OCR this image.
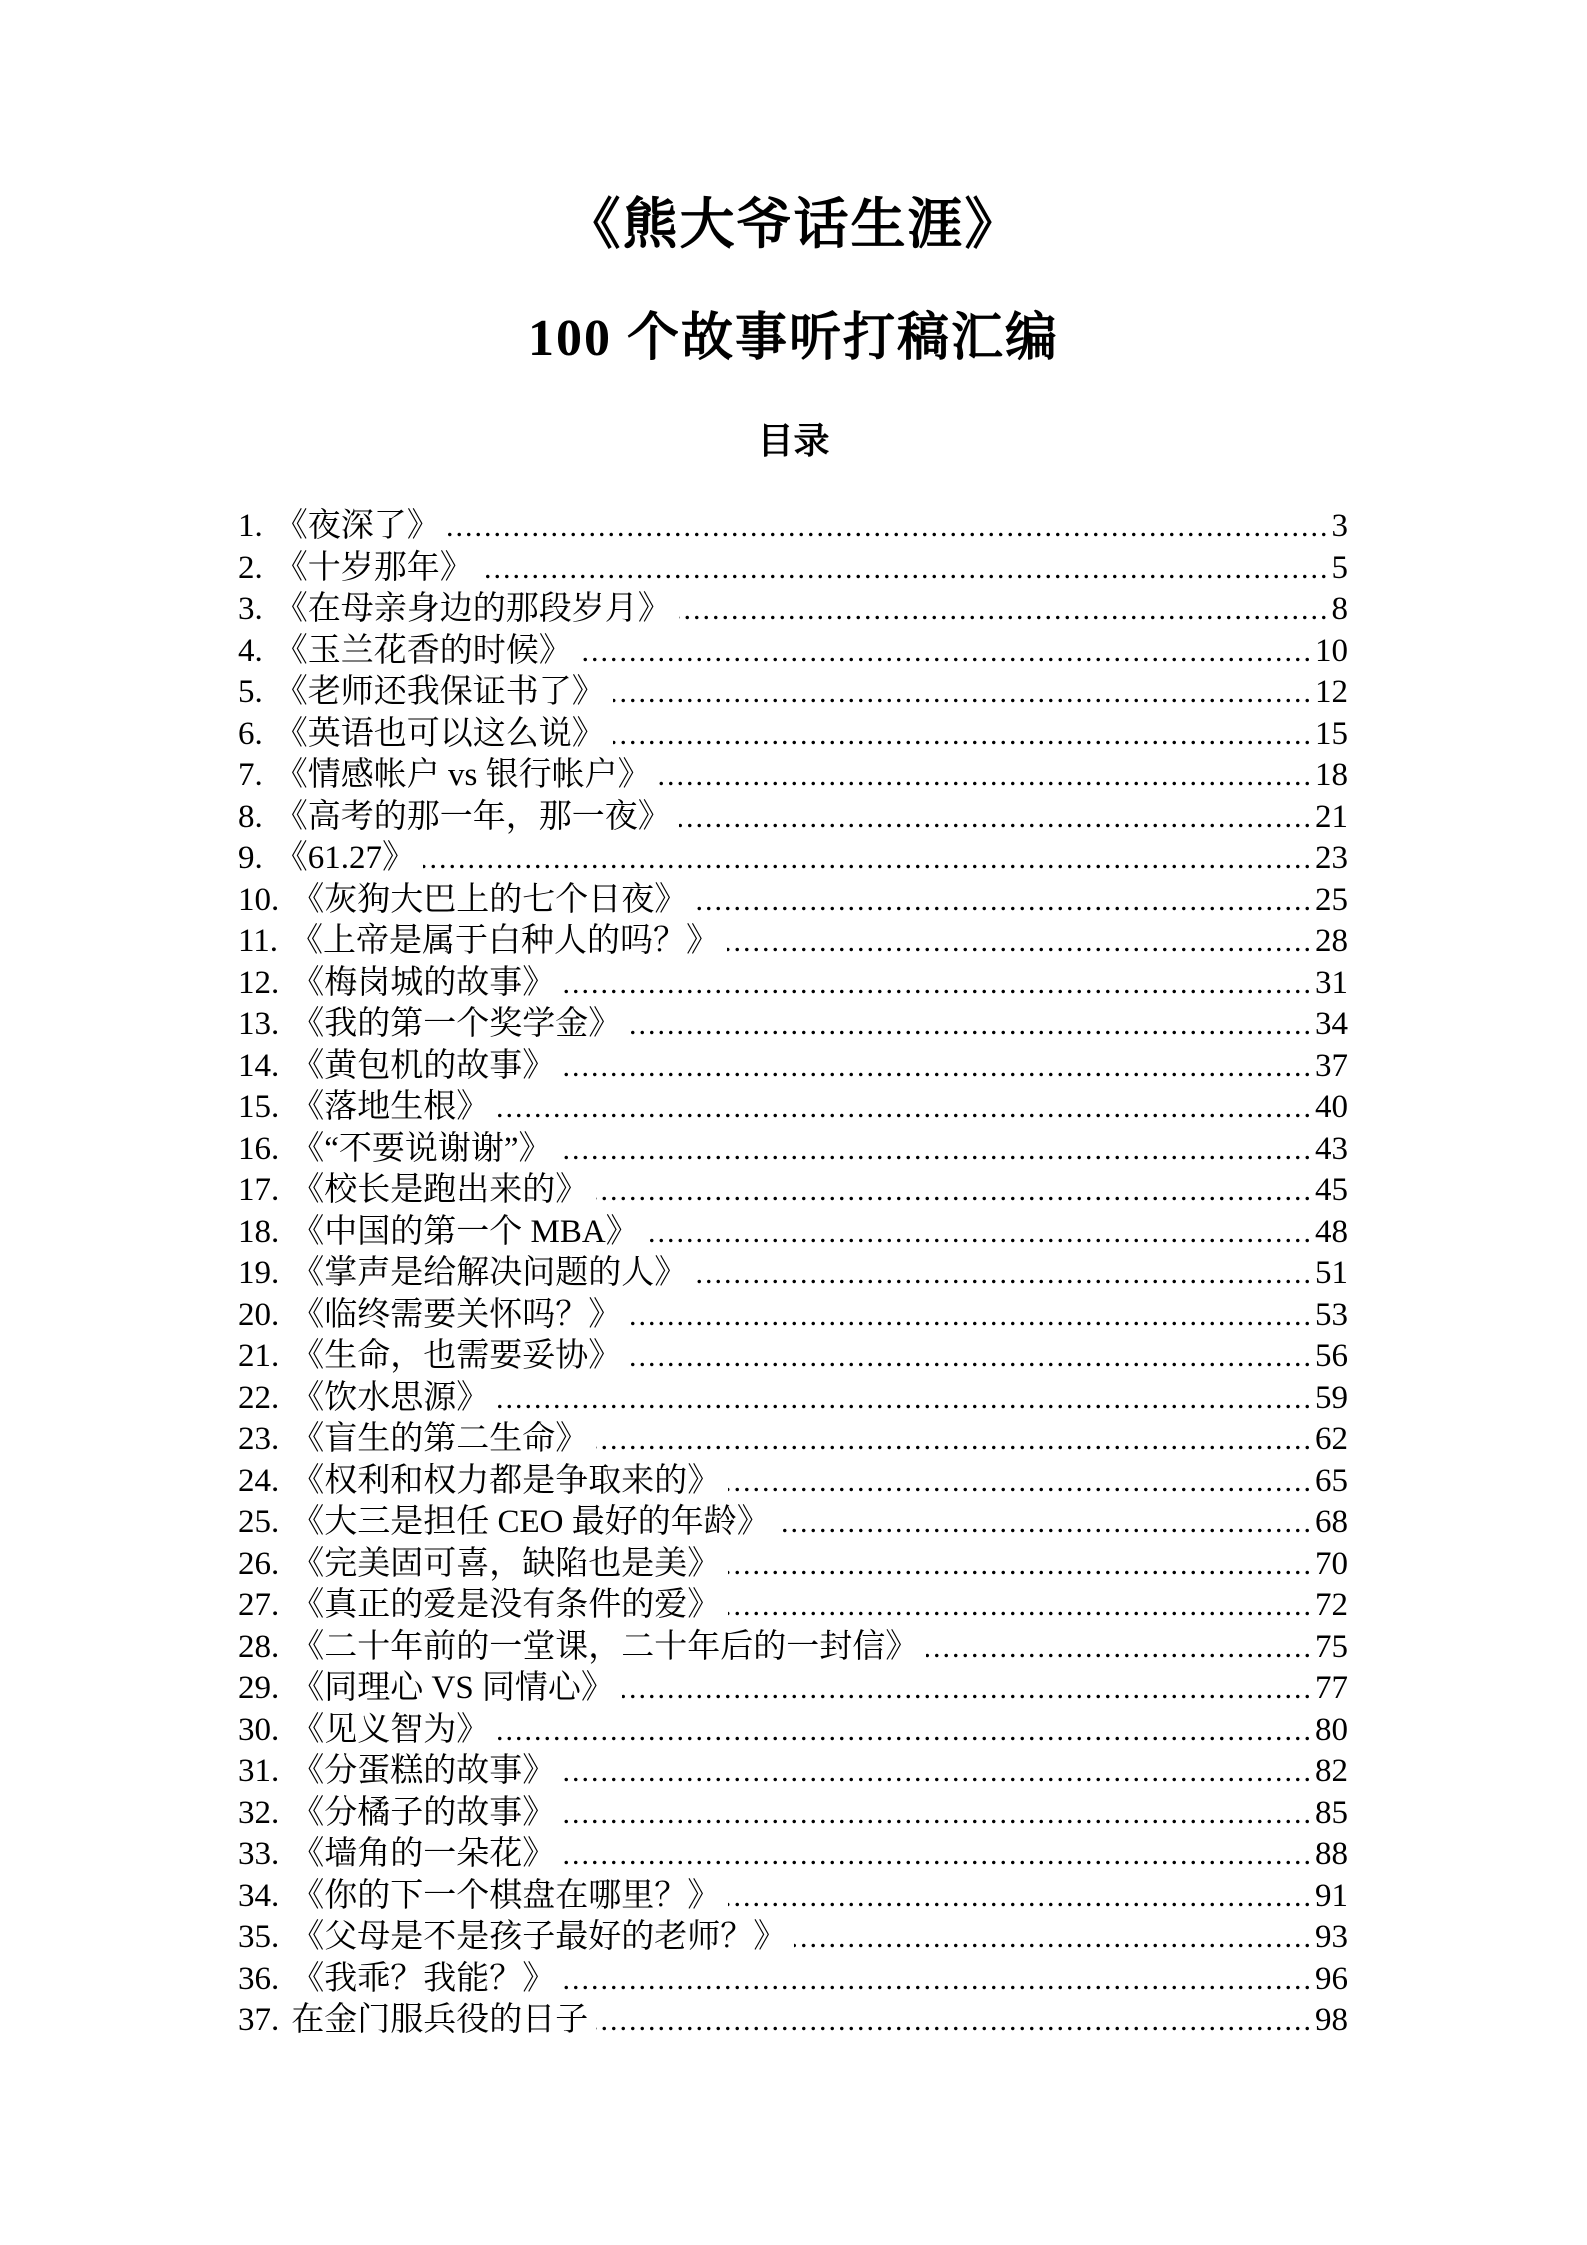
《熊大爷话生涯》
100 个故事听打稿汇编
目录
1. 《夜深了》 .....	3
2. 《十岁那年》 .....	5
3. 《在母亲身边的那段岁月》 .....	8
4. 《玉兰花香的时候》 .....	10
5. 《老师还我保证书了》 .....	12
6. 《英语也可以这么说》 .....	15
7. 《情感帐户 vs 银行帐户》 .....	18
8. 《高考的那一年，那一夜》 .....	21
9. 《61.27》 .....	23
10. 《灰狗大巴上的七个日夜》 .....	25
11. 《上帝是属于白种人的吗？》 .....	28
12. 《梅岗城的故事》 .....	31
13. 《我的第一个奖学金》 .....	34
14. 《黄包机的故事》 .....	37
15. 《落地生根》 .....	40
16. 《“不要说谢谢”》 .....	43
17. 《校长是跑出来的》 .....	45
18. 《中国的第一个 MBA》 .....	48
19. 《掌声是给解决问题的人》 .....	51
20. 《临终需要关怀吗？》 .....	53
21. 《生命，也需要妥协》 .....	56
22. 《饮水思源》 .....	59
23. 《盲生的第二生命》 .....	62
24. 《权利和权力都是争取来的》 .....	65
25. 《大三是担任 CEO 最好的年龄》 .....	68
26. 《完美固可喜，缺陷也是美》 .....	70
27. 《真正的爱是没有条件的爱》 .....	72
28. 《二十年前的一堂课，二十年后的一封信》 .....	75
29. 《同理心 VS 同情心》 .....	77
30. 《见义智为》 .....	80
31. 《分蛋糕的故事》 .....	82
32. 《分橘子的故事》 .....	85
33. 《墙角的一朵花》 .....	88
34. 《你的下一个棋盘在哪里？》 .....	91
35. 《父母是不是孩子最好的老师？》 .....	93
36. 《我乖？我能？》 .....	96
37. 在金门服兵役的日子 .....	98
